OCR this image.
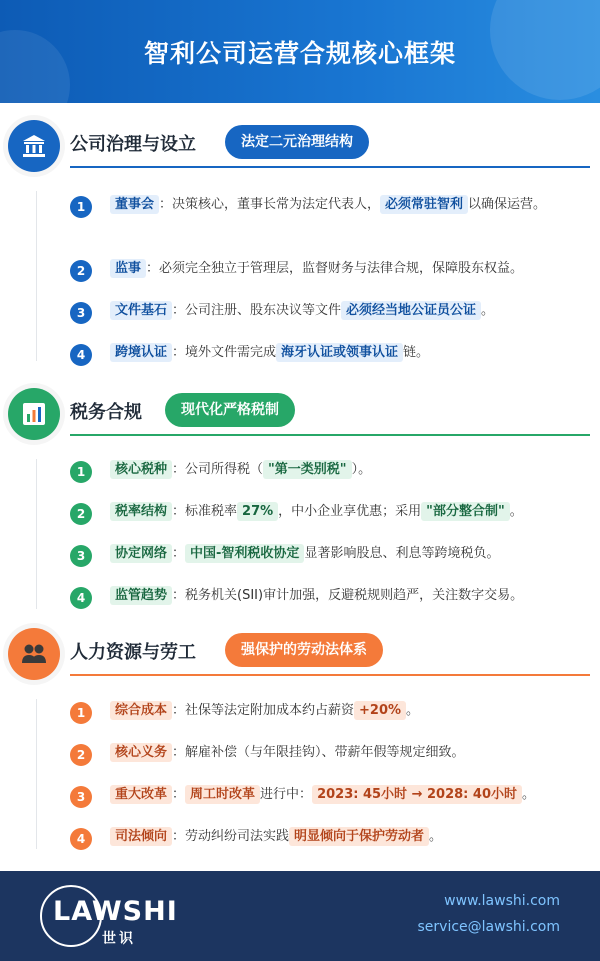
智利公司运营合规核心框架
公司治理与设立	法定二元治理结构
1	董事会 ：决策核心，董事长常为法定代表人， 必须常驻智利 以确保运营。
2	监事 ：必须完全独立于管理层，监督财务与法律合规，保障股东权益。
3	文件基石 ：公司注册、股东决议等文件 必须经当地公证员公证 。
4	跨境认证 ：境外文件需完成 海牙认证或领事认证 链。
税务合规	现代化严格税制
1	核心税种 ：公司所得税（ "第一类别税" ）。
2	税率结构 ：标准税率 27% ，中小企业享优惠；采用 "部分整合制" 。
3	协定网络 ： 中国-智利税收协定 显著影响股息、利息等跨境税负。
4	监管趋势 ：税务机关(SII)审计加强，反避税规则趋严，关注数字交易。
人力资源与劳工	强保护的劳动法体系
1	综合成本 ：社保等法定附加成本约占薪资 +20% 。
2	核心义务 ：解雇补偿（与年限挂钩）、带薪年假等规定细致。
3	重大改革 ： 周工时改革 进行中： 2023: 45小时 → 2028: 40小时 。
4	司法倾向 ：劳动纠纷司法实践 明显倾向于保护劳动者 。
LAWSHI
世识
www.lawshi.com
service@lawshi.com
